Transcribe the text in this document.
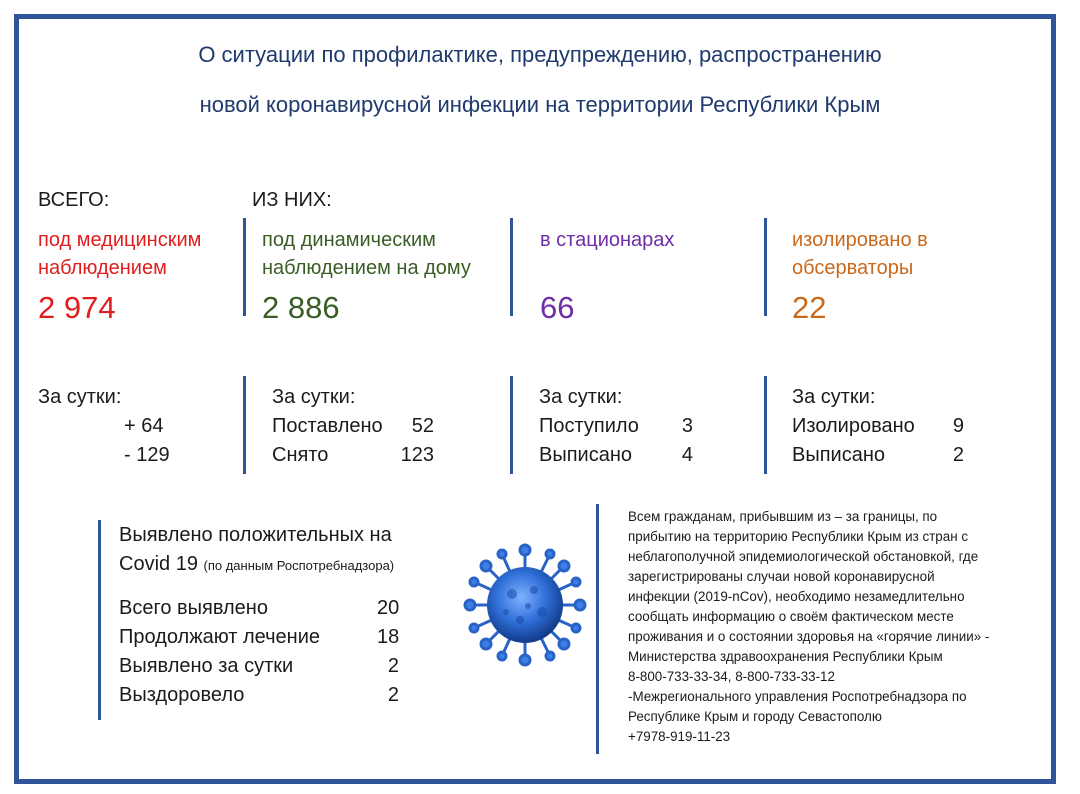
О ситуации по профилактике, предупреждению, распространению
новой коронавирусной инфекции на территории Республики Крым
ВСЕГО:	ИЗ НИХ:
под медицинским
наблюдением
2 974
под динамическим
наблюдением на дому
2 886
в стационарах

66
изолировано в
обсерваторы
22
За сутки:
+ 64
- 129
За сутки:
Поставлено	52
Снято	123
За сутки:
Поступило	3
Выписано	4
За сутки:
Изолировано	9
Выписано	2
Выявлено положительных на
Covid 19 (по данным Роспотребнадзора)
Всего выявлено	20
Продолжают лечение	18
Выявлено за сутки	2
Выздоровело	2
Всем гражданам, прибывшим из – за границы, по
прибытию на территорию Республики Крым из стран с
неблагополучной эпидемиологической обстановкой, где
зарегистрированы случаи новой коронавирусной
инфекции (2019-nCov), необходимо незамедлительно
сообщать информацию о своём фактическом месте
проживания и о состоянии здоровья на «горячие линии» -
Министерства здравоохранения Республики Крым
8-800-733-33-34, 8-800-733-33-12
-Межрегионального управления Роспотребнадзора по
Республике Крым и городу Севастополю
+7978-919-11-23
